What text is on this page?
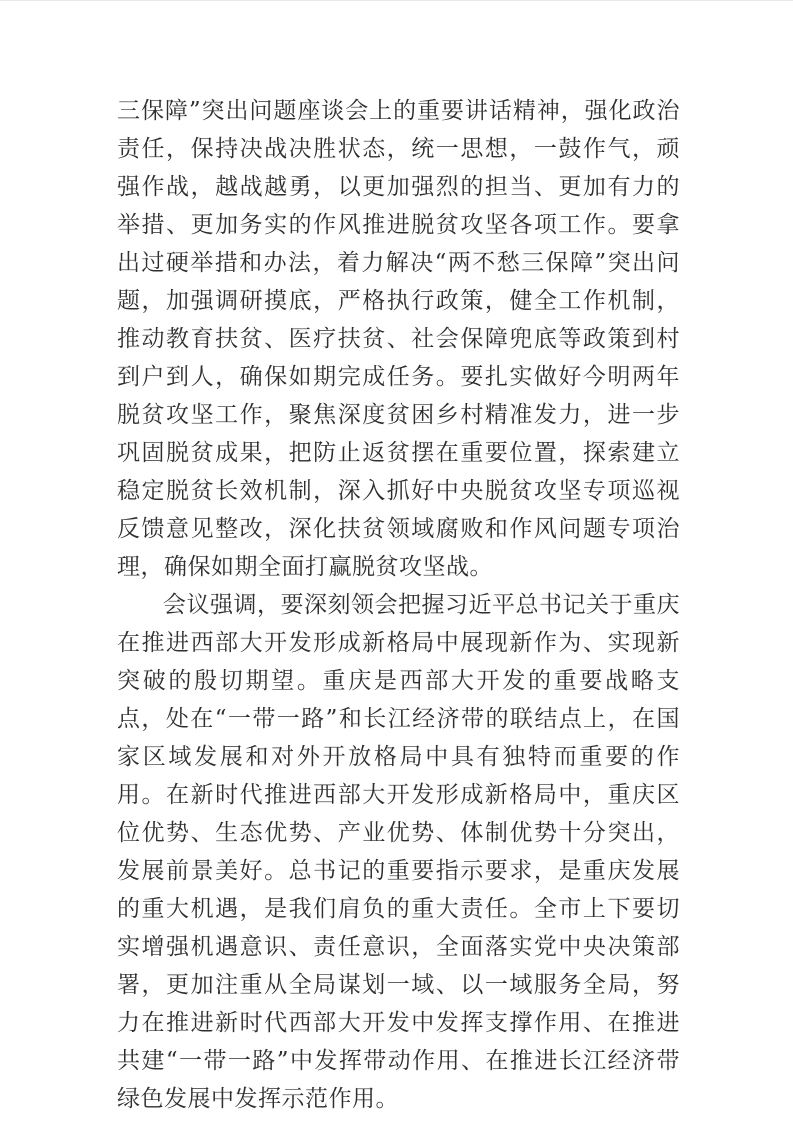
三保障”突出问题座谈会上的重要讲话精神，强化政治责任，保持决战决胜状态，统一思想，一鼓作气，顽强作战，越战越勇，以更加强烈的担当、更加有力的举措、更加务实的作风推进脱贫攻坚各项工作。要拿出过硬举措和办法，着力解决“两不愁三保障”突出问题，加强调研摸底，严格执行政策，健全工作机制，推动教育扶贫、医疗扶贫、社会保障兜底等政策到村到户到人，确保如期完成任务。要扎实做好今明两年脱贫攻坚工作，聚焦深度贫困乡村精准发力，进一步巩固脱贫成果，把防止返贫摆在重要位置，探索建立稳定脱贫长效机制，深入抓好中央脱贫攻坚专项巡视反馈意见整改，深化扶贫领域腐败和作风问题专项治理，确保如期全面打赢脱贫攻坚战。

会议强调，要深刻领会把握习近平总书记关于重庆在推进西部大开发形成新格局中展现新作为、实现新突破的殷切期望。重庆是西部大开发的重要战略支点，处在“一带一路”和长江经济带的联结点上，在国家区域发展和对外开放格局中具有独特而重要的作用。在新时代推进西部大开发形成新格局中，重庆区位优势、生态优势、产业优势、体制优势十分突出，发展前景美好。总书记的重要指示要求，是重庆发展的重大机遇，是我们肩负的重大责任。全市上下要切实增强机遇意识、责任意识，全面落实党中央决策部署，更加注重从全局谋划一域、以一域服务全局，努力在推进新时代西部大开发中发挥支撑作用、在推进共建“一带一路”中发挥带动作用、在推进长江经济带绿色发展中发挥示范作用。
